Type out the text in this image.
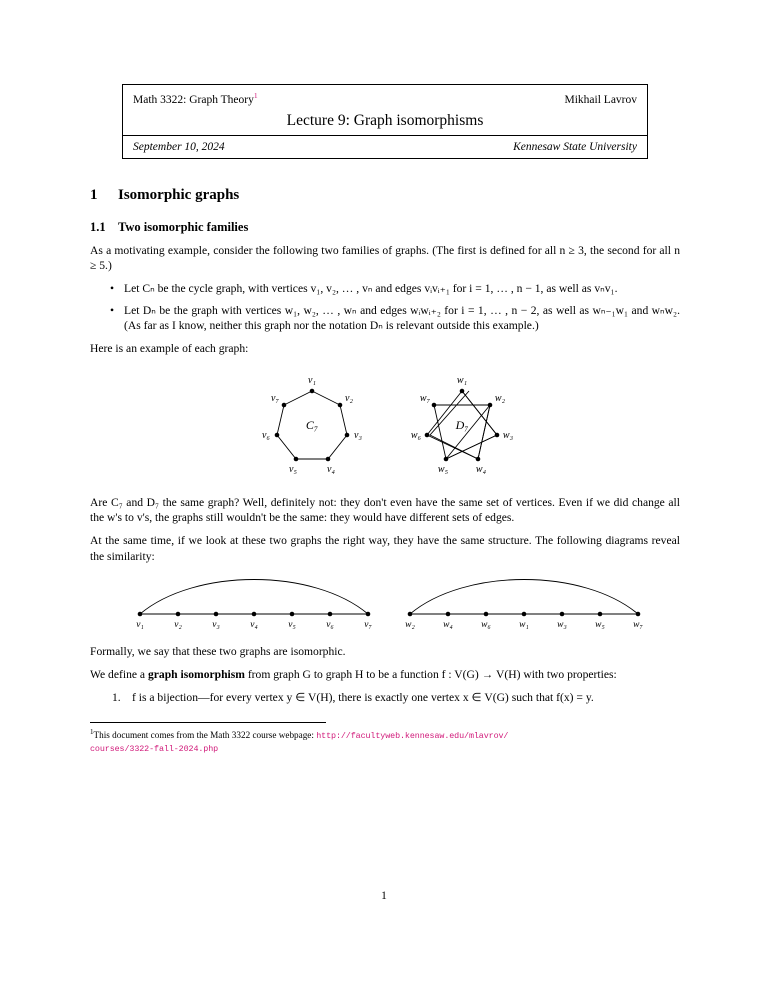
Math 3322: Graph Theory$^1$	Mikhail Lavrov
Lecture 9: Graph isomorphisms
September 10, 2024	Kennesaw State University
1 Isomorphic graphs
1.1 Two isomorphic families

As a motivating example, consider the following two families of graphs. (The first is defined for all n ≥ 3, the second for all n ≥ 5.)

• Let Cₙ be the cycle graph, with vertices v₁, v₂, … , vₙ and edges vᵢvᵢ₊₁ for i = 1, … , n − 1, as well as vₙv₁.
• Let Dₙ be the graph with vertices w₁, w₂, … , wₙ and edges wᵢwᵢ₊₂ for i = 1, … , n − 2, as well as wₙ₋₁w₁ and wₙw₂. (As far as I know, neither this graph nor the notation Dₙ is relevant outside this example.)

Here is an example of each graph:

v₁
v₂
v₃
v₄
v₅
v₆
v₇
C₇
w₁
w₂
w₃
w₄
w₅
w₆
w₇
D₇

Are C₇ and D₇ the same graph? Well, definitely not: they don't even have the same set of vertices. Even if we did change all the w's to v's, the graphs still wouldn't be the same: they would have different sets of edges.

At the same time, if we look at these two graphs the right way, they have the same structure. The following diagrams reveal the similarity:

v₁	v₂	v₃	v₄	v₅	v₆	v₇	w₂	w₄	w₆	w₁	w₃	w₅	w₇

Formally, we say that these two graphs are isomorphic.

We define a graph isomorphism from graph G to graph H to be a function f : V(G) → V(H) with two properties:

f is a bijection—for every vertex y ∈ V(H), there is exactly one vertex x ∈ V(G) such that f(x) = y.
$^1$This document comes from the Math 3322 course webpage: http://facultyweb.kennesaw.edu/mlavrov/
courses/3322-fall-2024.php
1
